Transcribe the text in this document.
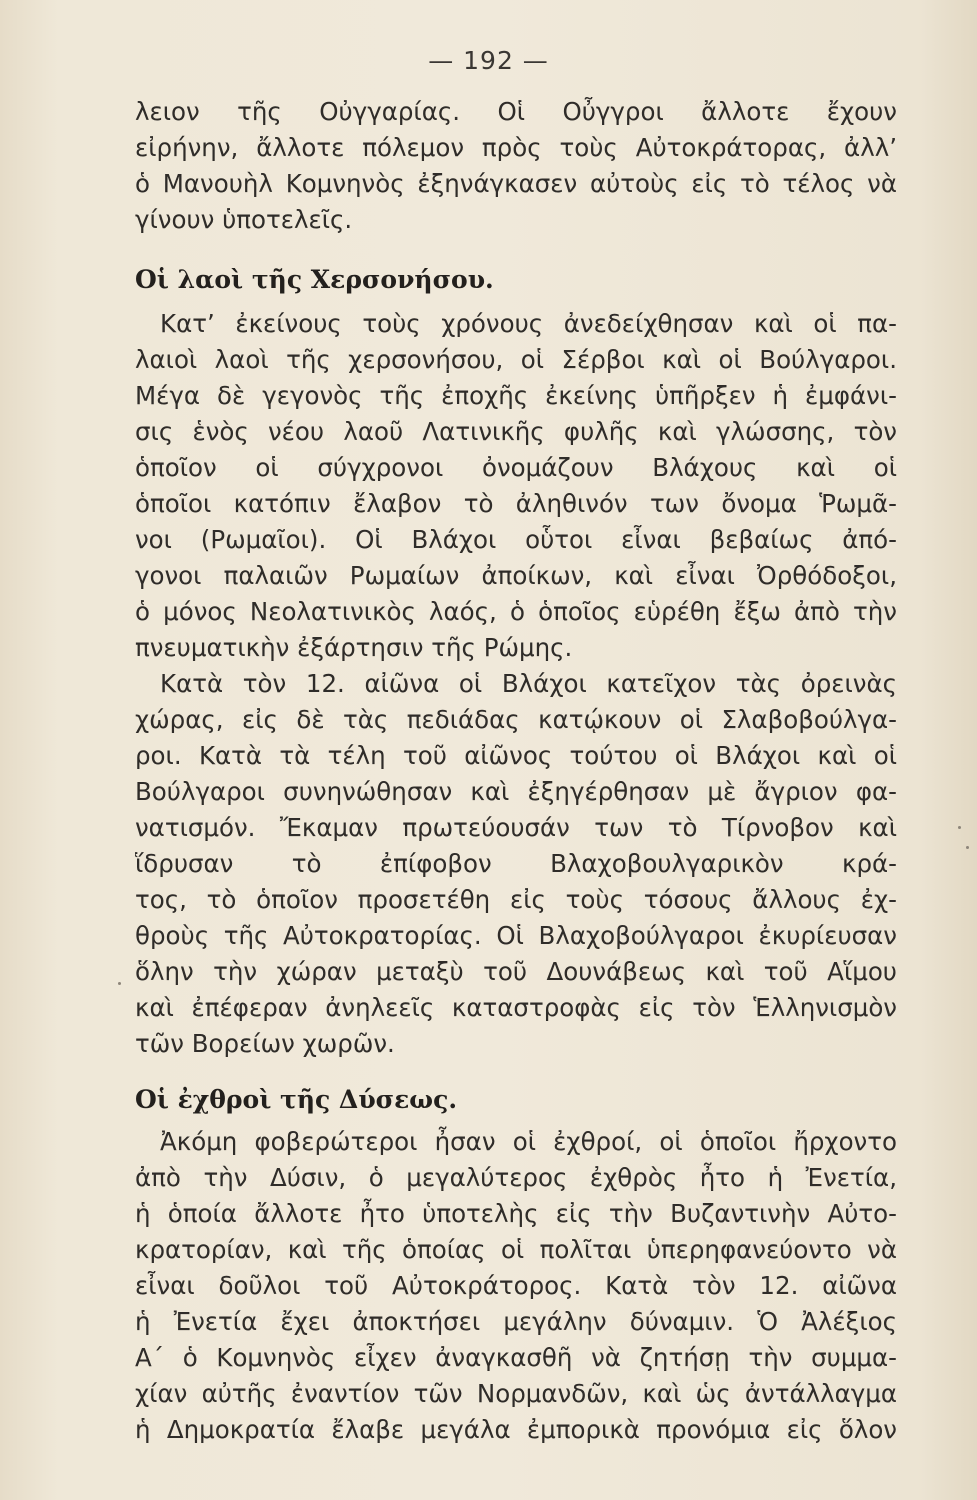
— 192 —
λειον τῆς Οὐγγαρίας. Οἱ Οὖγγροι ἄλλοτε ἔχουν
εἰρήνην, ἄλλοτε πόλεμον πρὸς τοὺς Αὐτοκράτορας, ἀλλ’
ὁ Μανουὴλ Κομνηνὸς ἐξηνάγκασεν αὐτοὺς εἰς τὸ τέλος νὰ
γίνουν ὑποτελεῖς.
Οἱ λαοὶ τῆς Χερσονήσου.
Κατ’ ἐκείνους τοὺς χρόνους ἀνεδείχθησαν καὶ οἱ πα-
λαιοὶ λαοὶ τῆς χερσονήσου, οἱ Σέρβοι καὶ οἱ Βούλγαροι.
Μέγα δὲ γεγονὸς τῆς ἐποχῆς ἐκείνης ὑπῆρξεν ἡ ἐμφάνι-
σις ἑνὸς νέου λαοῦ Λατινικῆς φυλῆς καὶ γλώσσης, τὸν
ὁποῖον οἱ σύγχρονοι ὀνομάζουν Βλάχους καὶ οἱ
ὁποῖοι κατόπιν ἔλαβον τὸ ἀληθινόν των ὄνομα Ῥωμᾶ-
νοι (Ρωμαῖοι). Οἱ Βλάχοι οὗτοι εἶναι βεβαίως ἀπό-
γονοι παλαιῶν Ρωμαίων ἀποίκων, καὶ εἶναι Ὀρθόδοξοι,
ὁ μόνος Νεολατινικὸς λαός, ὁ ὁποῖος εὑρέθη ἔξω ἀπὸ τὴν
πνευματικὴν ἐξάρτησιν τῆς Ρώμης.
Κατὰ τὸν 12. αἰῶνα οἱ Βλάχοι κατεῖχον τὰς ὀρεινὰς
χώρας, εἰς δὲ τὰς πεδιάδας κατῴκουν οἱ Σλαβοβούλγα-
ροι. Κατὰ τὰ τέλη τοῦ αἰῶνος τούτου οἱ Βλάχοι καὶ οἱ
Βούλγαροι συνηνώθησαν καὶ ἐξηγέρθησαν μὲ ἄγριον φα-
νατισμόν. Ἔκαμαν πρωτεύουσάν των τὸ Τίρνοβον καὶ
ἵδρυσαν τὸ ἐπίφοβον Βλαχοβουλγαρικὸν κρά-
τος, τὸ ὁποῖον προσετέθη εἰς τοὺς τόσους ἄλλους ἐχ-
θροὺς τῆς Αὐτοκρατορίας. Οἱ Βλαχοβούλγαροι ἐκυρίευσαν
ὅλην τὴν χώραν μεταξὺ τοῦ Δουνάβεως καὶ τοῦ Αἵμου
καὶ ἐπέφεραν ἀνηλεεῖς καταστροφὰς εἰς τὸν Ἑλληνισμὸν
τῶν Βορείων χωρῶν.
Οἱ ἐχθροὶ τῆς Δύσεως.
Ἀκόμη φοβερώτεροι ἦσαν οἱ ἐχθροί, οἱ ὁποῖοι ἤρχοντο
ἀπὸ τὴν Δύσιν, ὁ μεγαλύτερος ἐχθρὸς ἦτο ἡ Ἐνετία,
ἡ ὁποία ἄλλοτε ἦτο ὑποτελὴς εἰς τὴν Βυζαντινὴν Αὐτο-
κρατορίαν, καὶ τῆς ὁποίας οἱ πολῖται ὑπερηφανεύοντο νὰ
εἶναι δοῦλοι τοῦ Αὐτοκράτορος. Κατὰ τὸν 12. αἰῶνα
ἡ Ἐνετία ἔχει ἀποκτήσει μεγάλην δύναμιν. Ὁ Ἀλέξιος
Α΄ ὁ Κομνηνὸς εἶχεν ἀναγκασθῆ νὰ ζητήσῃ τὴν συμμα-
χίαν αὐτῆς ἐναντίον τῶν Νορμανδῶν, καὶ ὡς ἀντάλλαγμα
ἡ Δημοκρατία ἔλαβε μεγάλα ἐμπορικὰ προνόμια εἰς ὅλον
